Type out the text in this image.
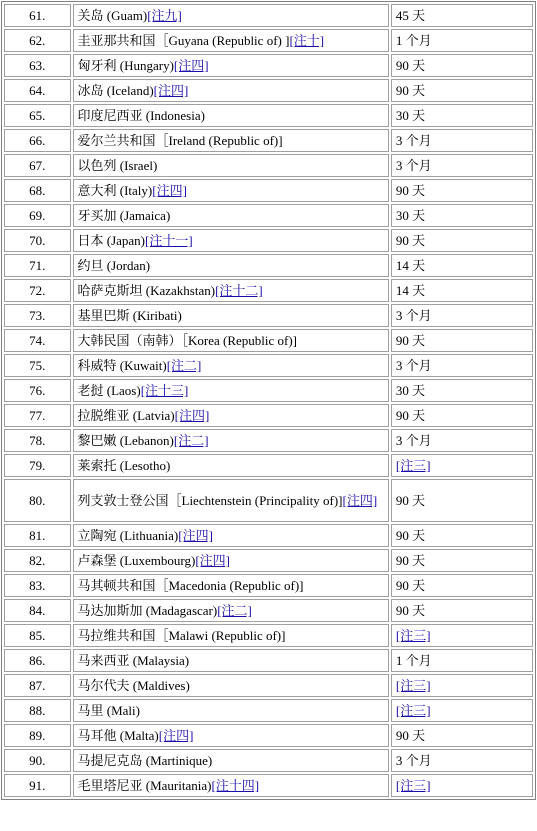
61.	关岛 (Guam)[注九]	45 天
62.	圭亚那共和国［Guyana (Republic of) ][注十]	1 个月
63.	匈牙利 (Hungary)[注四]	90 天
64.	冰岛 (Iceland)[注四]	90 天
65.	印度尼西亚 (Indonesia)	30 天
66.	爱尔兰共和国［Ireland (Republic of)]	3 个月
67.	以色列 (Israel)	3 个月
68.	意大利 (Italy)[注四]	90 天
69.	牙买加 (Jamaica)	30 天
70.	日本 (Japan)[注十一]	90 天
71.	约旦 (Jordan)	14 天
72.	哈萨克斯坦 (Kazakhstan)[注十二]	14 天
73.	基里巴斯 (Kiribati)	3 个月
74.	大韩民国（南韩）［Korea (Republic of)]	90 天
75.	科威特 (Kuwait)[注二]	3 个月
76.	老挝 (Laos)[注十三]	30 天
77.	拉脱维亚 (Latvia)[注四]	90 天
78.	黎巴嫩 (Lebanon)[注二]	3 个月
79.	莱索托 (Lesotho)	[注三]
80.	列支敦士登公国［Liechtenstein (Principality of)][注四]	90 天
81.	立陶宛 (Lithuania)[注四]	90 天
82.	卢森堡 (Luxembourg)[注四]	90 天
83.	马其顿共和国［Macedonia (Republic of)]	90 天
84.	马达加斯加 (Madagascar)[注二]	90 天
85.	马拉维共和国［Malawi (Republic of)]	[注三]
86.	马来西亚 (Malaysia)	1 个月
87.	马尔代夫 (Maldives)	[注三]
88.	马里 (Mali)	[注三]
89.	马耳他 (Malta)[注四]	90 天
90.	马提尼克岛 (Martinique)	3 个月
91.	毛里塔尼亚 (Mauritania)[注十四]	[注三]
